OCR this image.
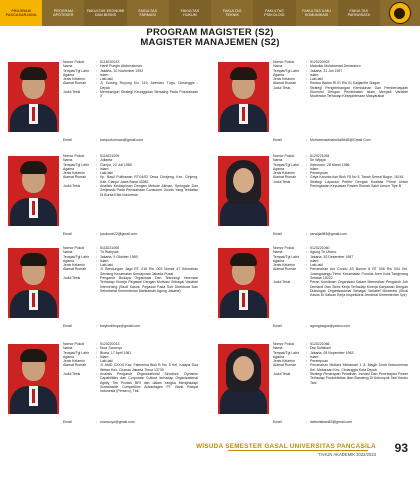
PROGRAM
PASCASARJANA
PROGRAM
APOTEKER
FAKULTAS EKONOMI
DAN BISNIS
FAKULTAS
FARMASI
FAKULTAS
HUKUM
FAKULTAS
TEKNIK
FAKULTAS
PSIKOLOGI
FAKULTAS ILMU
KOMUNIKASI
FAKULTAS
PARIWISATA
PROGRAM MAGISTER (S2)
MAGISTER MANAJEMEN (S2)
Nomor Pokok	: 5118220022
Nama	: Hanif Pungin Abdurrahman
Tempat/Tgl Lahir	: Jakarta, 10 November 1992
Agama	: Islam
Jenis Kelamin	: Laki-laki
Alamat Rumah	: Jl. Gotong Royong No. 119, Aireman, Tugu, Cimanggis - Depok
Judul Tesis	: Membangun Strategi Keunggulan Bersaing Pada Potusahaan X
Email	: hanpurhuhman@gmail.com
Nomor Pokok	: 5120220923
Nama	: Mabultai Muhammad Dewantoro
Tempat/Tgl Lahir	: Jakarta, 31 Juli 1997
Agama	: Islam
Jenis Kelamin	: Laki-laki
Alamat Rumah	: Redwo Walan RI.01 Rw 01 Kalijambe Siagan
Judul Tesis	: Strategi Pengembangan Kemiskinan Dan Pemberdayaan Ekonomi Dengan Pendekatan Islam Menjadi Variabel Moderator Terhadap Kesejahteraan Masyarakat
Email	: Muhammadmabultai5465@Gmail.Com
Nomor Pokok	: 5118221009
Nama	: Julianta
Tempat/Tgl Lahir	: Cianjur, 22 Juli 1989
Agama	: Islam
Jenis Kelamin	: Laki-laki
Alamat Rumah	: Kp. Basil Pulihawan RT:04/02 Desa Cinajeng, Kec. Cinjeng, Kab. Cianjur Jawa Barat 43282
Judul Tesis	: Analisis Kedisiplinan Dengan Metode Altman, Springate Dan Zmijewski Pada Perusahaan Consumer Goods Yang Terdaftar Di Bursa Efek Indonesia
Email	: jucolumb22@gmail.com
Nomor Pokok	: 5120221054
Nama	: Sri Wijaya
Tempat/Tgl Lahir	: Kebumen, 28 Maret 1986
Agama	: Islam
Jenis Kelamin	: Perempuan
Alamat Rumah	: Griya Karunia Asri Blok F8 No 5, Tanah Sereal Bogor, 16161
Judul Tesis	: Strategi Layanan Prefen Dengan Kualitas Prima Untuk Peningkatan Kepuasan Pasien Rumah Sakit Umum Tipe B
Email	: ssrwijia989@gmail.com
Nomor Pokok	: 5118221065
Nama	: Tri Wahyudi
Tempat/Tgl Lahir	: Jakarta, 9 Oktober 1989
Agama	: Islam
Jenis Kelamin	: Laki-laki
Alamat Rumah	: Jl. Bendungan Jago RT. 016 Rw. 003 Nomor 47 Kelurahan Serdang Kecamatan Kemayoran Jakarta Pusat
Judul Tesis	: Pengaruh Budaya Organisasi Dan Teknologi Informasi Terhadap Kinerja Pegawai Dengan Motivasi Sebagai Variabel Intervening (Studi Kasus: Pegawai Pada Sub Direktorat Dan Sekretariat Kementerian Mahkamah Agung Jakarta)
Email	: trwyhudiboyz@gmail.com
Nomor Pokok	: 5120221060
Nama	: Agung Tri Utomo
Tempat/Tgl Lahir	: Jakarta, 30 Desember 1987
Agama	: Islam
Jenis Kelamin	: Laki-laki
Alamat Rumah	: Perumahan Ani Condo A3 Nomor 6 RT 006 Rw 004 Kel. Jurangmangu Timur Kecamatan Pondok Aren Kota Tangerang Selatan 15222
Judul Tesis	: Peran Komitmen Organisasi Dalam Memediasi Pengaruh Job Demand Dan Stres Kerja Terhadap Kinerja Karyawan Dengan Dukungan Organisasional Sebagai Variabel Moderasi (Studi Kasus Di Satuan Kerja Inspektorat Jenderal Kementerian Xyz)
Email	: agungtragus@yahoo.com
Nomor Pokok	: 5120220013
Nama	: Noor Sancoyo
Tempat/Tgl Lahir	: Bloea, 17 April 1981
Agama	: Islam
Jenis Kelamin	: Laki-laki
Alamat Rumah	: Jl. AMD XXXIX Kav. Fakuerisa Blok B No. 5 Kel. Kalapa Dua Wetan Kec. Ciracas Jakarta Timur 13730
Judul Tesis	: Analisis Pengaruh Organizational Structure, Dynamic Capabilities dan Corporate Culture terhadap Organizational Agility Tim Produk BRI dan dalam rangka Menghadapi Sustainable Competitive Advantages PT. Bank Rakyat Indonesia (Persero), Tbk.
Email	: noancoyo@gmail.com
Nomor Pokok	: 5120221066
Nama	: Dwi Sulistiani
Tempat/Tgl Lahir	: Jakarta, 08 Nopember 1983
Agama	: Islam
Jenis Kelamin	: Perempuan
Alamat Rumah	: Perumahan Mutiara Mekarsari 1 Jl. Magik Jomb Bokunnenan Kel. Mekarsari Kec. Cimanggis Kota Depok
Judul Tesis	: Strategi Penerapan Pelatihan, Inovasi Dan Penetrapan Power Terhadap Produktivitas Ikan Bandeng Di Kelompok Tani Kenko Tani
Email	: dwisulistiani83@gmail.com
WISUDA SEMESTER GASAL UNIVERSITAS PANCASILA
TAHUN AKADEMIK 2022/2023 93
